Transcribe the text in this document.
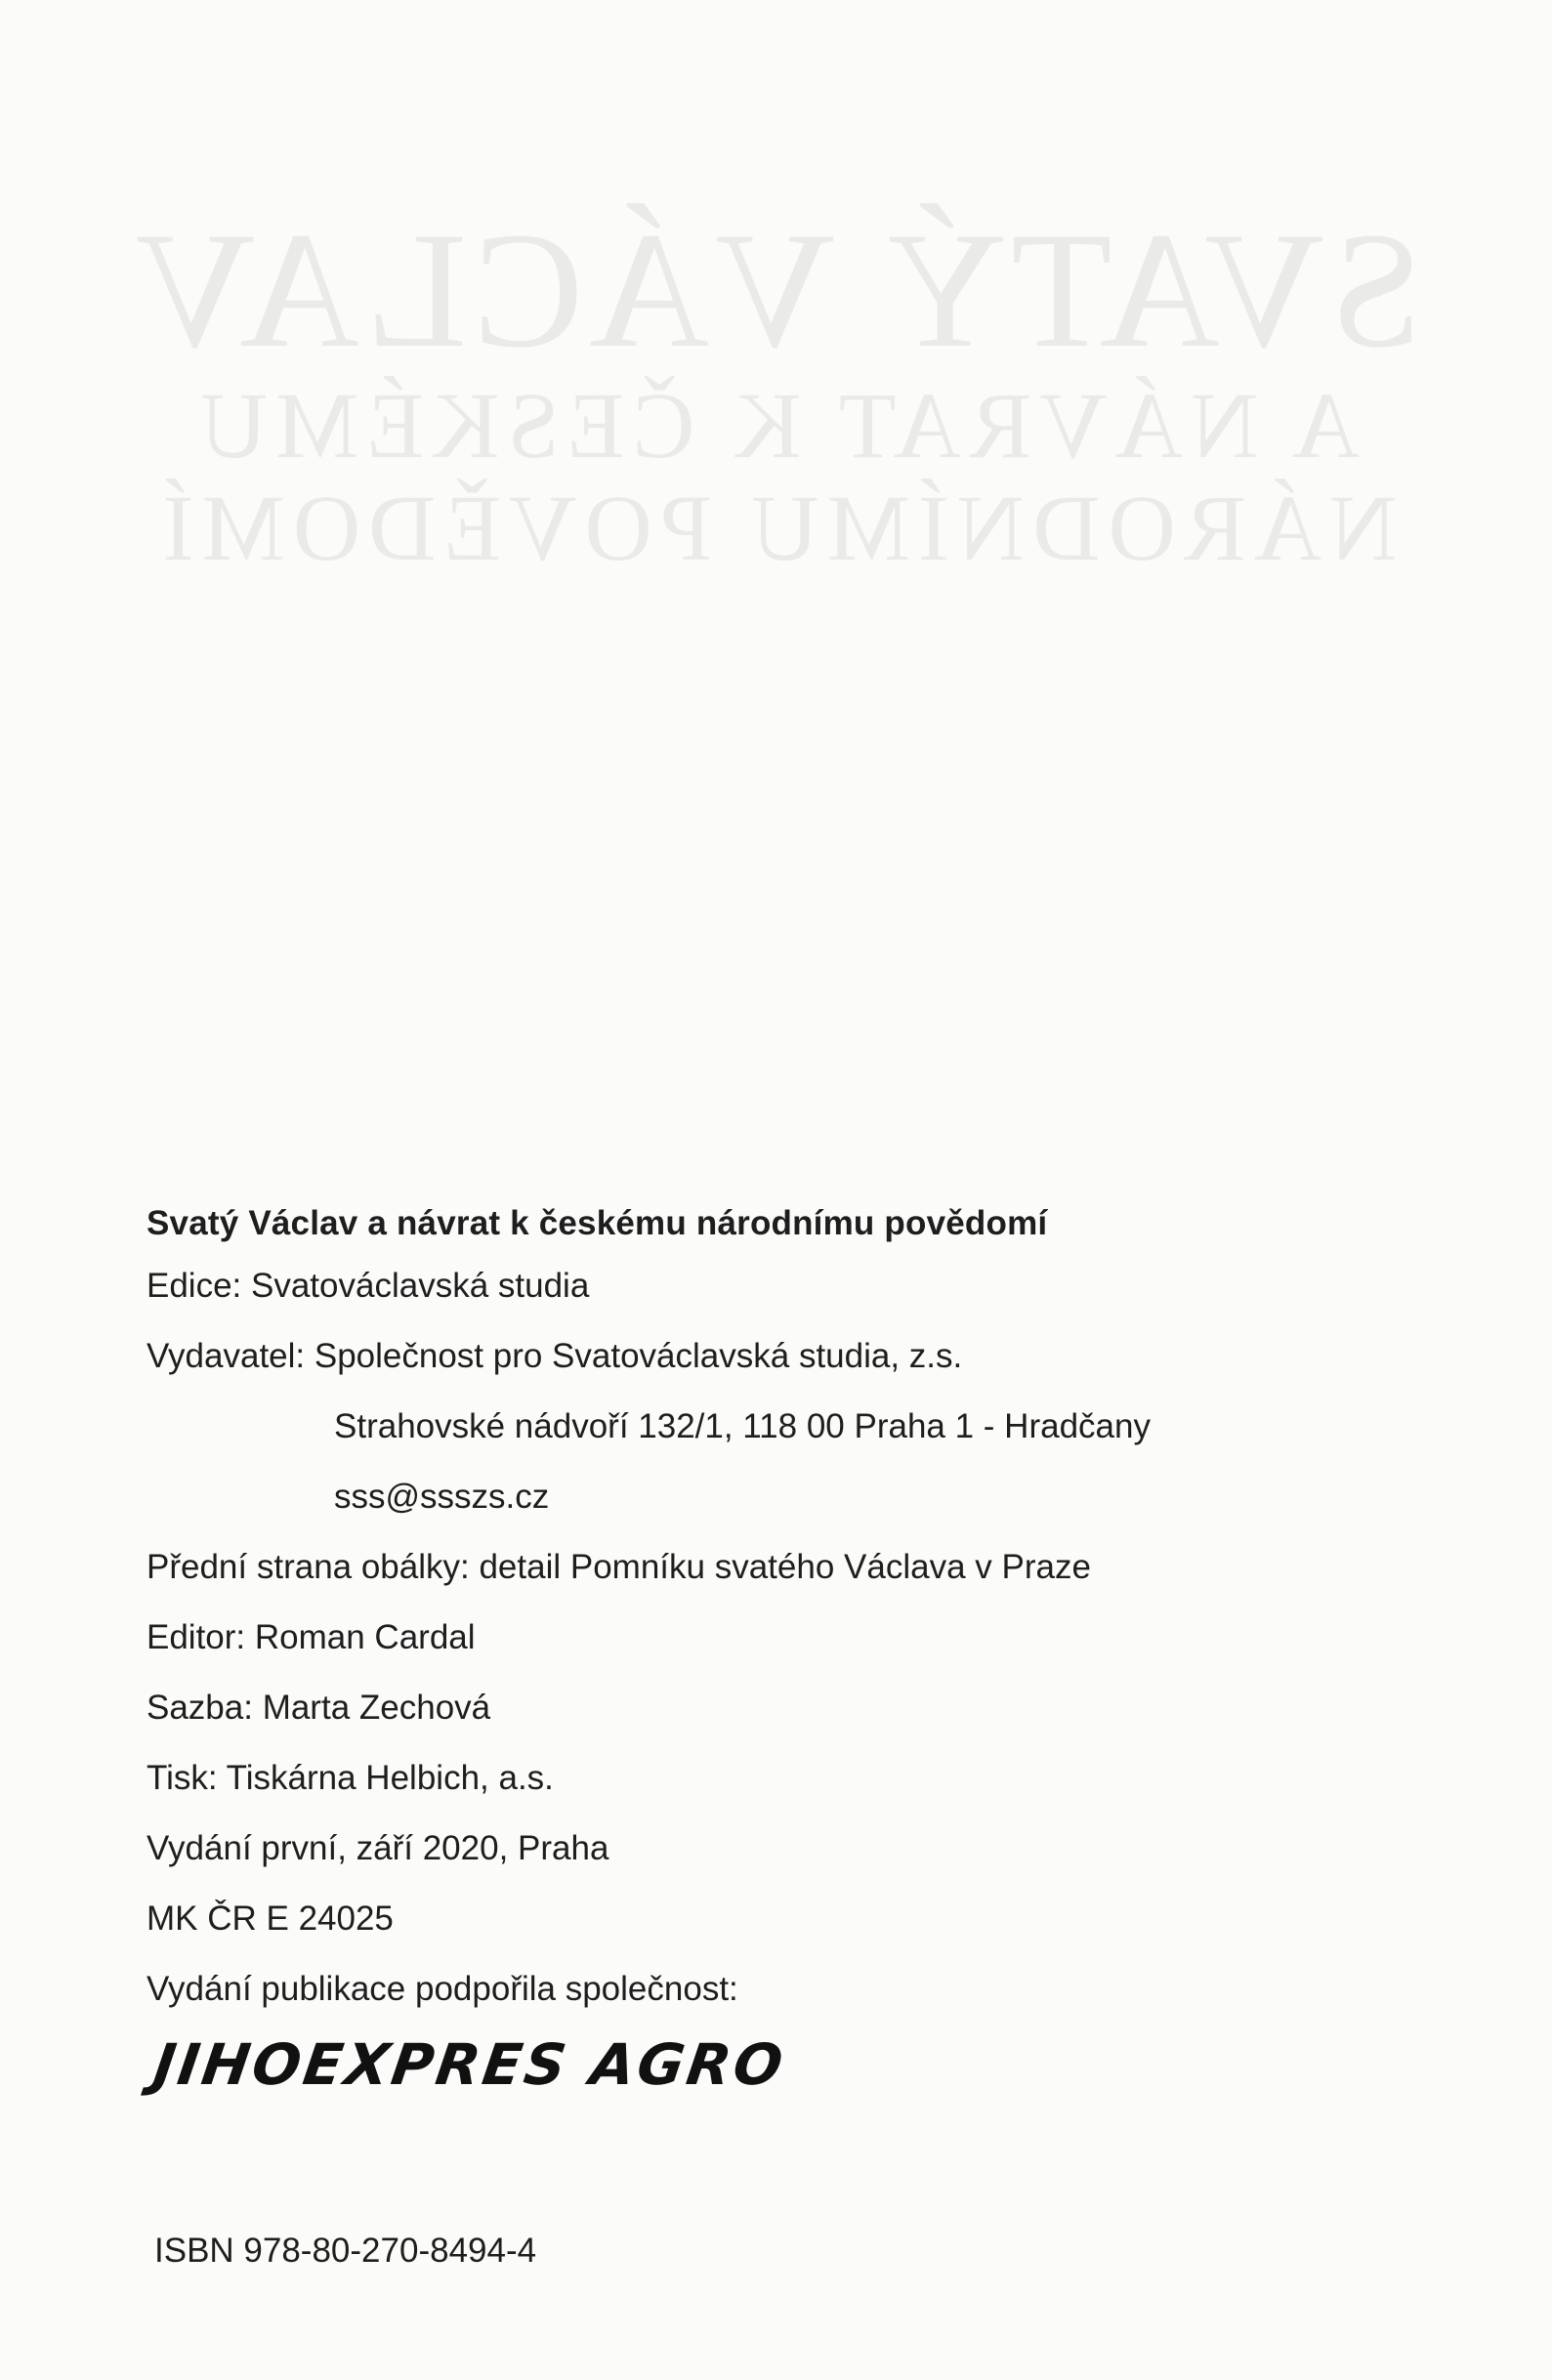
SVATÝ VÁCLAV
A NÁVRAT K ČESKÉMU
NÁRODNÍMU POVĚDOMÍ
Svatý Václav a návrat k českému národnímu povědomí
Edice: Svatováclavská studia
Vydavatel: Společnost pro Svatováclavská studia, z.s.
Strahovské nádvoří 132/1, 118 00 Praha 1 - Hradčany
sss@ssszs.cz
Přední strana obálky: detail Pomníku svatého Václava v Praze
Editor: Roman Cardal
Sazba: Marta Zechová
Tisk: Tiskárna Helbich, a.s.
Vydání první, září 2020, Praha
MK ČR E 24025
Vydání publikace podpořila společnost:
JIHOEXPRES AGRO
ISBN 978-80-270-8494-4
